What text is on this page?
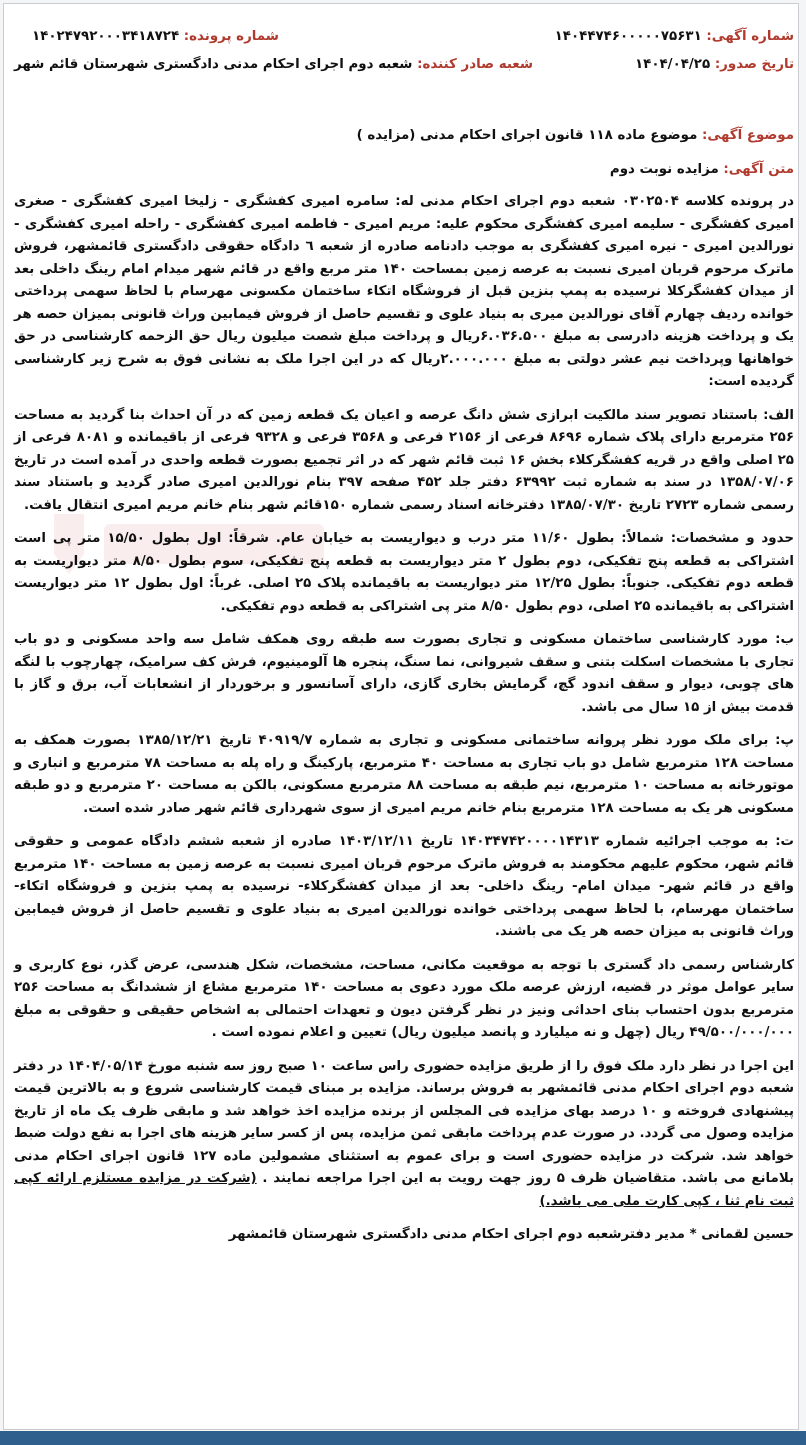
شماره آگهی: ۱۴۰۴۴۷۴۶۰۰۰۰۰۷۵۶۳۱
شماره پرونده: ۱۴۰۲۴۷۹۲۰۰۰۳۴۱۸۷۲۴
تاریخ صدور: ۱۴۰۴/۰۴/۲۵
شعبه صادر کننده: شعبه دوم اجرای احکام مدنی دادگستری شهرستان قائم شهر
موضوع آگهی: موضوع ماده ۱۱۸ قانون اجرای احکام مدنی (مزایده )
متن آگهی: مزایده نوبت دوم

در پرونده کلاسه ۰۳۰۲۵۰۴ شعبه دوم اجرای احکام مدنی له: سامره امیری کفشگری - زلیخا امیری کفشگری - صغری امیری کفشگری - سلیمه امیری کفشگری محکوم علیه: مریم امیری - فاطمه امیری کفشگری - راحله امیری کفشگری - نورالدین امیری - نیره امیری کفشگری به موجب دادنامه صادره از شعبه ٦ دادگاه حقوقی دادگستری قائمشهر، فروش ماترک مرحوم قربان امیری نسبت به عرصه زمین بمساحت ۱۴۰ متر مربع واقع در قائم شهر میدام امام رینگ داخلی بعد از میدان کفشگرکلا نرسیده به پمپ بنزین قبل از فروشگاه اتکاء ساختمان مکسونی مهرسام با لحاظ سهمی پرداختی خوانده ردیف چهارم آقای نورالدین میری به بنیاد علوی و تقسیم حاصل از فروش فیمابین وراث قانونی بمیزان حصه هر یک و پرداخت هزینه دادرسی به مبلغ ۶.۰۳۶.۵۰۰ریال و پرداخت مبلغ شصت میلیون ریال حق الزحمه کارشناسی در حق خواهانها وپرداخت نیم عشر دولتی به مبلغ ۲.۰۰۰.۰۰۰ریال که در این اجرا ملک به نشانی فوق به شرح زیر کارشناسی گردیده است:

الف: باستناد تصویر سند مالکیت ابرازی شش دانگ عرصه و اعیان یک قطعه زمین که در آن احداث بنا گردید به مساحت ۲۵۶ مترمربع دارای پلاک شماره ۸۶۹۶ فرعی از ۲۱۵۶ فرعی و ۳۵۶۸ فرعی و ۹۳۲۸ فرعی از باقیمانده و ۸۰۸۱ فرعی از ۲۵ اصلی واقع در قریه کفشگرکلاء بخش ۱۶ ثبت قائم شهر که در اثر تجمیع بصورت قطعه واحدی در آمده است در تاریخ ۱۳۵۸/۰۷/۰۶ در سند به شماره ثبت ۶۳۹۹۲ دفتر جلد ۴۵۲ صفحه ۳۹۷ بنام نورالدین امیری صادر گردید و باستناد سند رسمی شماره ۲۷۲۳ تاریخ ۱۳۸۵/۰۷/۳۰ دفترخانه اسناد رسمی شماره ۱۵۰قائم شهر بنام خانم مریم امیری انتقال یافت.

حدود و مشخصات: شمالاً: بطول ۱۱/۶۰ متر درب و دیواریست به خیابان عام. شرقاً: اول بطول ۱۵/۵۰ متر پی است اشتراکی به قطعه پنج تفکیکی، دوم بطول ۲ متر دیواریست به قطعه پنج تفکیکی، سوم بطول ۸/۵۰ متر دیواریست به قطعه دوم تفکیکی. جنوباً: بطول ۱۲/۲۵ متر دیواریست به باقیمانده پلاک ۲۵ اصلی. غرباً: اول بطول ۱۲ متر دیواریست اشتراکی به باقیمانده ۲۵ اصلی، دوم بطول ۸/۵۰ متر پی اشتراکی به قطعه دوم تفکیکی.

ب: مورد کارشناسی ساختمان مسکونی و تجاری بصورت سه طبقه روی همکف شامل سه واحد مسکونی و دو باب تجاری با مشخصات اسکلت بتنی و سقف شیروانی، نما سنگ، پنجره ها آلومینیوم، فرش کف سرامیک، چهارچوب با لنگه های چوبی، دیوار و سقف اندود گچ، گرمایش بخاری گازی، دارای آسانسور و برخوردار از انشعابات آب، برق و گاز با قدمت بیش از ۱۵ سال می باشد.

پ: برای ملک مورد نظر پروانه ساختمانی مسکونی و تجاری به شماره ۴۰۹۱۹/۷ تاریخ ۱۳۸۵/۱۲/۲۱ بصورت همکف به مساحت ۱۲۸ مترمربع شامل دو باب تجاری به مساحت ۴۰ مترمربع، پارکینگ و راه پله به مساحت ۷۸ مترمربع و انباری و موتورخانه به مساحت ۱۰ مترمربع، نیم طبقه به مساحت ۸۸ مترمربع مسکونی، بالکن به مساحت ۲۰ مترمربع و دو طبقه مسکونی هر یک به مساحت ۱۲۸ مترمربع بنام خانم مریم امیری از سوی شهرداری قائم شهر صادر شده است.

ت: به موجب اجرائیه شماره ۱۴۰۳۴۷۴۲۰۰۰۰۱۴۳۱۳ تاریخ ۱۴۰۳/۱۲/۱۱ صادره از شعبه ششم دادگاه عمومی و حقوقی قائم شهر، محکوم علیهم محکومند به فروش ماترک مرحوم قربان امیری نسبت به عرصه زمین به مساحت ۱۴۰ مترمربع واقع در قائم شهر- میدان امام- رینگ داخلی- بعد از میدان کفشگرکلاء- نرسیده به پمپ بنزین و فروشگاه اتکاء- ساختمان مهرسام، با لحاظ سهمی پرداختی خوانده نورالدین امیری به بنیاد علوی و تقسیم حاصل از فروش فیمابین وراث قانونی به میزان حصه هر یک می باشند.

کارشناس رسمی داد گستری با توجه به موقعیت مکانی، مساحت، مشخصات، شکل هندسی، عرض گذر، نوع کاربری و سایر عوامل موثر در قضیه، ارزش عرصه ملک مورد دعوی به مساحت ۱۴۰ مترمربع مشاع از ششدانگ به مساحت ۲۵۶ مترمربع بدون احتساب بنای احداثی ونیز در نظر گرفتن دیون و تعهدات احتمالی به اشخاص حقیقی و حقوقی به مبلغ ۴۹/۵۰۰/۰۰۰/۰۰۰ ریال (چهل و نه میلیارد و پانصد میلیون ریال) تعیین و اعلام نموده است .

این اجرا در نظر دارد ملک فوق را از طریق مزایده حضوری راس ساعت ۱۰ صبح روز سه شنبه مورخ ۱۴۰۴/۰۵/۱۴ در دفتر شعبه دوم اجرای احکام مدنی قائمشهر به فروش برساند. مزایده بر مبنای قیمت کارشناسی شروع و به بالاترین قیمت پیشنهادی فروخته و ۱۰ درصد بهای مزایده فی المجلس از برنده مزایده اخذ خواهد شد و مابقی ظرف یک ماه از تاریخ مزایده وصول می گردد. در صورت عدم پرداخت مابقی ثمن مزایده، پس از کسر سایر هزینه های اجرا به نفع دولت ضبط خواهد شد. شرکت در مزایده حضوری است و برای عموم به استثنای مشمولین ماده ۱۲۷ قانون اجرای احکام مدنی بلامانع می باشد. متقاضیان ظرف ۵ روز جهت رویت به این اجرا مراجعه نمایند . (شرکت در مزایده مستلزم ارائه کپی ثبت نام ثنا ، کپی کارت ملی می باشد.)

حسین لقمانی * مدیر دفترشعبه دوم اجرای احکام مدنی دادگستری شهرستان قائمشهر
